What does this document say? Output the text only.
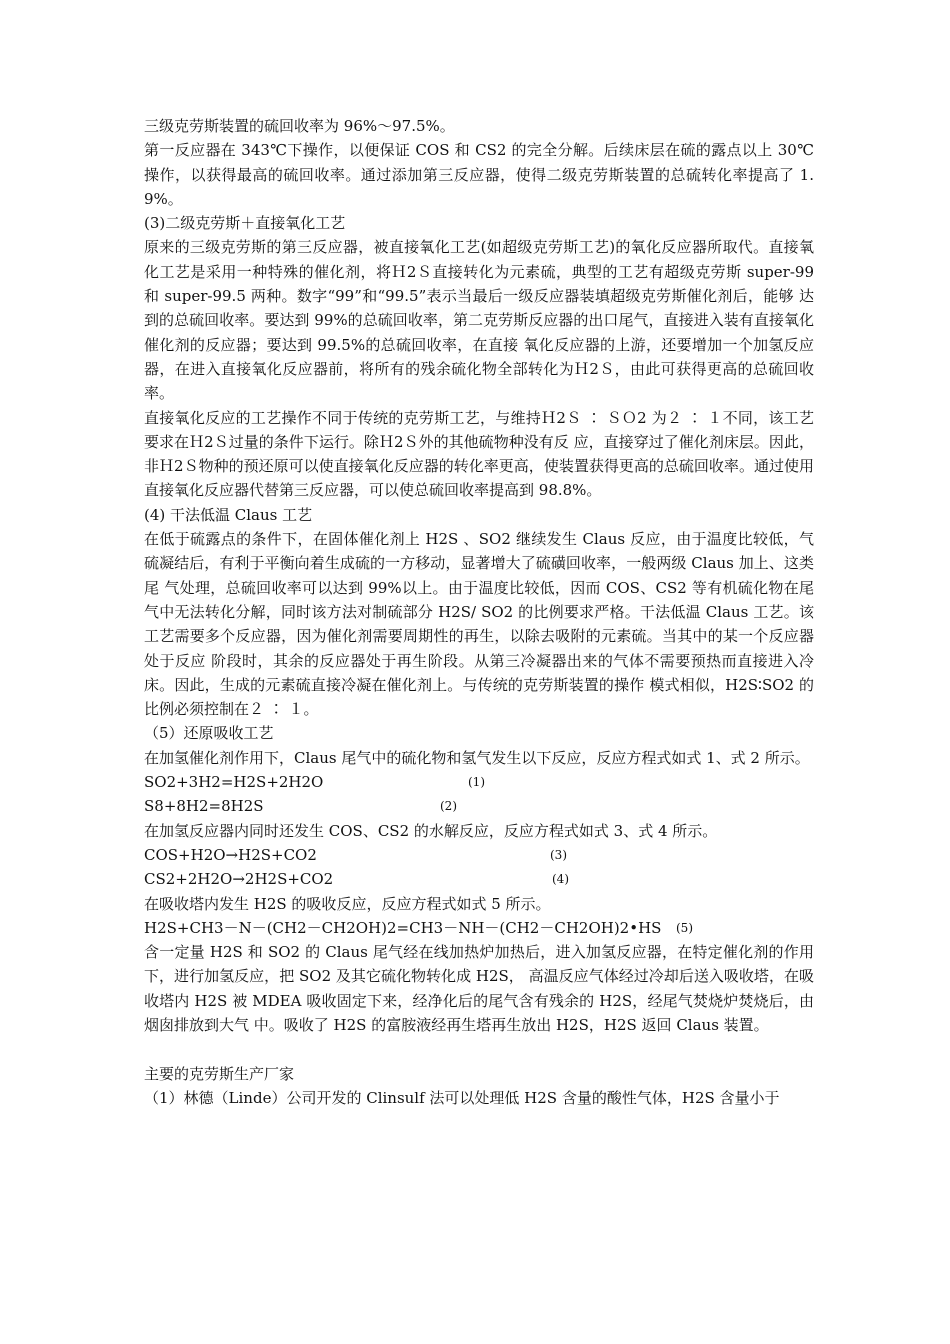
三级克劳斯装置的硫回收率为 96%～97.5%。

第一反应器在 343℃下操作，以便保证 COS 和 CS2 的完全分解。后续床层在硫的露点以上 30℃操作，以获得最高的硫回收率。通过添加第三反应器，使得二级克劳斯装置的总硫转化率提高了 1.9%。

(3)二级克劳斯＋直接氧化工艺

原来的三级克劳斯的第三反应器，被直接氧化工艺(如超级克劳斯工艺)的氧化反应器所取代。直接氧化工艺是采用一种特殊的催化剂，将Ｈ2Ｓ直接转化为元素硫，典型的工艺有超级克劳斯 super-99 和 super-99.5 两种。数字“99”和“99.5”表示当最后一级反应器装填超级克劳斯催化剂后，能够 达到的总硫回收率。要达到 99%的总硫回收率，第二克劳斯反应器的出口尾气，直接进入装有直接氧化催化剂的反应器；要达到 99.5%的总硫回收率，在直接 氧化反应器的上游，还要增加一个加氢反应器，在进入直接氧化反应器前，将所有的残余硫化物全部转化为Ｈ2Ｓ，由此可获得更高的总硫回收率。

直接氧化反应的工艺操作不同于传统的克劳斯工艺，与维持Ｈ2Ｓ ∶ ＳＯ2 为２ ∶ １不同，该工艺要求在Ｈ2Ｓ过量的条件下运行。除Ｈ2Ｓ外的其他硫物种没有反 应，直接穿过了催化剂床层。因此，非Ｈ2Ｓ物种的预还原可以使直接氧化反应器的转化率更高，使装置获得更高的总硫回收率。通过使用直接氧化反应器代替第三反应器，可以使总硫回收率提高到 98.8%。

(4) 干法低温 Claus 工艺

在低于硫露点的条件下，在固体催化剂上 H2S 、SO2 继续发生 Claus 反应，由于温度比较低，气硫凝结后，有利于平衡向着生成硫的一方移动，显著增大了硫磺回收率，一般两级 Claus 加上、这类尾 气处理，总硫回收率可以达到 99%以上。由于温度比较低，因而 COS、CS2 等有机硫化物在尾气中无法转化分解，同时该方法对制硫部分 H2S/ SO2 的比例要求严格。干法低温 Claus 工艺。该工艺需要多个反应器，因为催化剂需要周期性的再生，以除去吸附的元素硫。当其中的某一个反应器处于反应 阶段时，其余的反应器处于再生阶段。从第三冷凝器出来的气体不需要预热而直接进入冷床。因此，生成的元素硫直接冷凝在催化剂上。与传统的克劳斯装置的操作 模式相似，H2S∶SO2 的比例必须控制在２ ∶ １。

（5）还原吸收工艺

在加氢催化剂作用下，Claus 尾气中的硫化物和氢气发生以下反应，反应方程式如式 1、式 2 所示。

SO2+3H2=H2S+2H2O	(1)
S8+8H2=8H2S	(2)

在加氢反应器内同时还发生 COS、CS2 的水解反应，反应方程式如式 3、式 4 所示。

COS+H2O→H2S+CO2	(3)
CS2+2H2O→2H2S+CO2	(4)

在吸收塔内发生 H2S 的吸收反应，反应方程式如式 5 所示。

H2S+CH3－N－(CH2－CH2OH)2=CH3－NH－(CH2－CH2OH)2•HS (5)

含一定量 H2S 和 SO2 的 Claus 尾气经在线加热炉加热后，进入加氢反应器，在特定催化剂的作用下，进行加氢反应，把 SO2 及其它硫化物转化成 H2S， 高温反应气体经过冷却后送入吸收塔，在吸收塔内 H2S 被 MDEA 吸收固定下来，经净化后的尾气含有残余的 H2S，经尾气焚烧炉焚烧后，由烟囱排放到大气 中。吸收了 H2S 的富胺液经再生塔再生放出 H2S，H2S 返回 Claus 装置。

主要的克劳斯生产厂家

（1）林德（Linde）公司开发的 Clinsulf 法可以处理低 H2S 含量的酸性气体，H2S 含量小于
